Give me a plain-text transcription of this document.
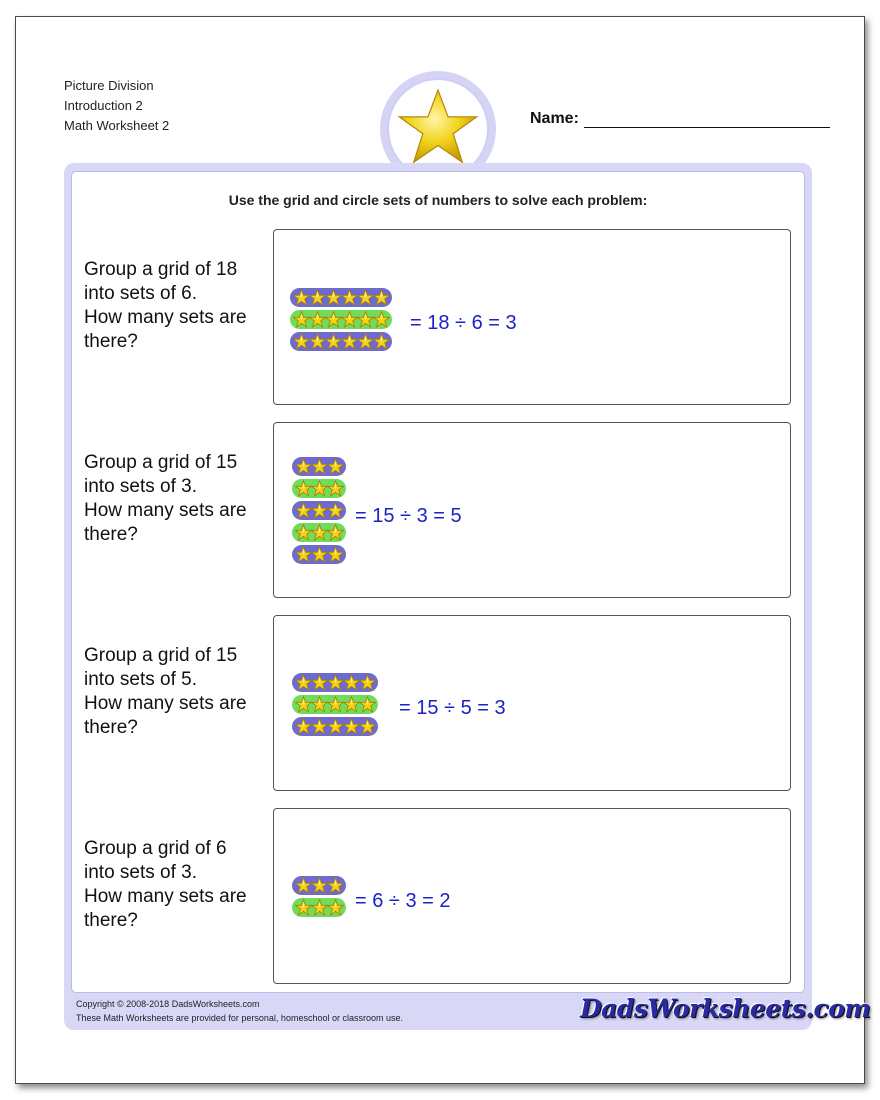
Picture Division
Introduction 2
Math Worksheet 2	Name:
Use the grid and circle sets of numbers to solve each problem:
Group a grid of 18
into sets of 6.
How many sets are
there?
= 18 ÷ 6 = 3
Group a grid of 15
into sets of 3.
How many sets are
there?
= 15 ÷ 3 = 5
Group a grid of 15
into sets of 5.
How many sets are
there?
= 15 ÷ 5 = 3
Group a grid of 6
into sets of 3.
How many sets are
there?
= 6 ÷ 3 = 2
Copyright © 2008-2018 DadsWorksheets.com
These Math Worksheets are provided for personal, homeschool or classroom use.	DadsWorksheets.com
